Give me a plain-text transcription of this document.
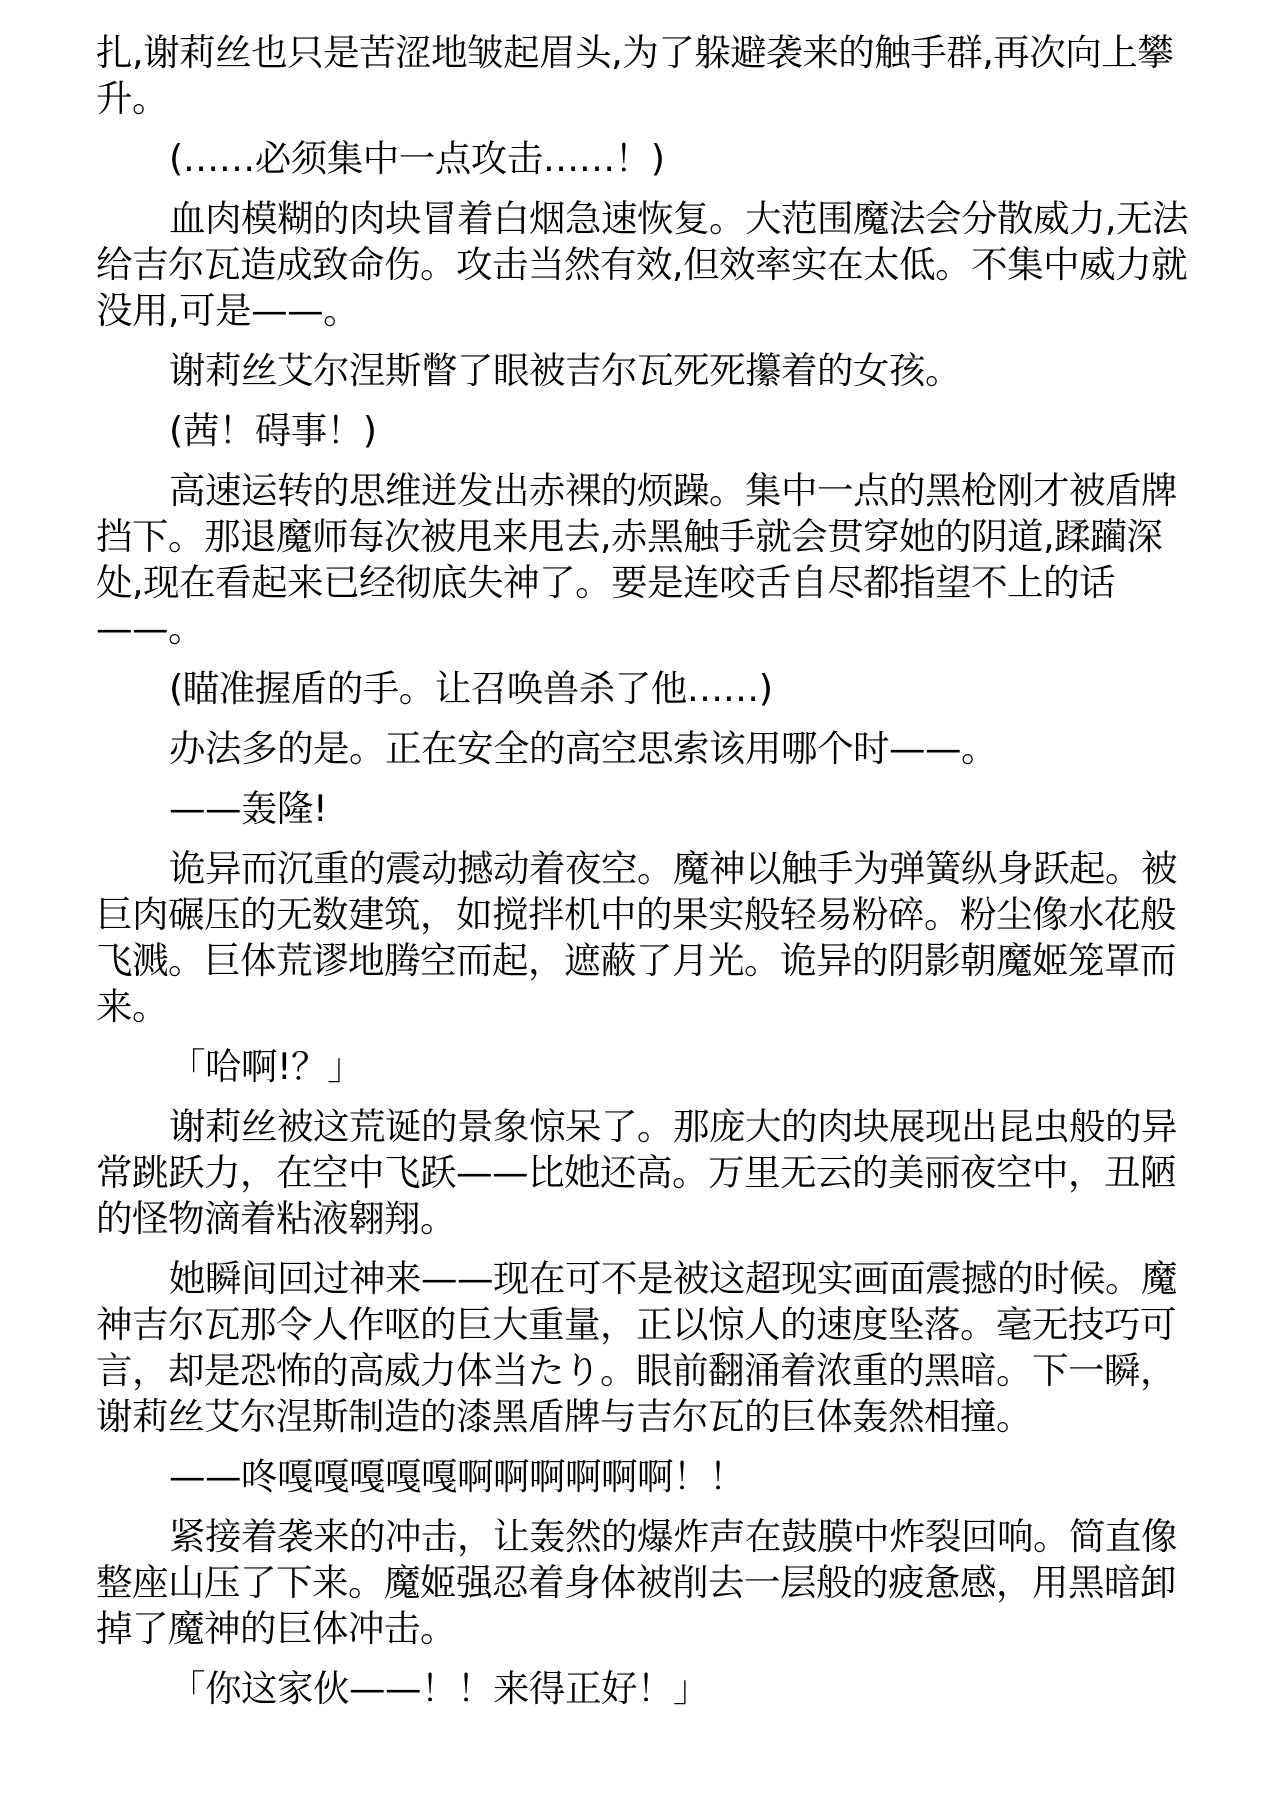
扎,谢莉丝也只是苦涩地皱起眉头,为了躲避袭来的触手群,再次向上攀升。

(……必须集中一点攻击……！)

血肉模糊的肉块冒着白烟急速恢复。大范围魔法会分散威力,无法给吉尔瓦造成致命伤。攻击当然有效,但效率实在太低。不集中威力就没用,可是——。

谢莉丝艾尔涅斯瞥了眼被吉尔瓦死死攥着的女孩。

(茜！碍事！)

高速运转的思维迸发出赤裸的烦躁。集中一点的黑枪刚才被盾牌挡下。那退魔师每次被甩来甩去,赤黑触手就会贯穿她的阴道,蹂躏深处,现在看起来已经彻底失神了。要是连咬舌自尽都指望不上的话——。

(瞄准握盾的手。让召唤兽杀了他……)

办法多的是。正在安全的高空思索该用哪个时——。

——轰隆!

诡异而沉重的震动撼动着夜空。魔神以触手为弹簧纵身跃起。被巨肉碾压的无数建筑，如搅拌机中的果实般轻易粉碎。粉尘像水花般飞溅。巨体荒谬地腾空而起，遮蔽了月光。诡异的阴影朝魔姬笼罩而来。

「哈啊!？」

谢莉丝被这荒诞的景象惊呆了。那庞大的肉块展现出昆虫般的异常跳跃力，在空中飞跃——比她还高。万里无云的美丽夜空中，丑陋的怪物滴着粘液翱翔。

她瞬间回过神来——现在可不是被这超现实画面震撼的时候。魔神吉尔瓦那令人作呕的巨大重量，正以惊人的速度坠落。毫无技巧可言，却是恐怖的高威力体当たり。眼前翻涌着浓重的黑暗。下一瞬，谢莉丝艾尔涅斯制造的漆黑盾牌与吉尔瓦的巨体轰然相撞。

——咚嘎嘎嘎嘎嘎啊啊啊啊啊啊！！

紧接着袭来的冲击，让轰然的爆炸声在鼓膜中炸裂回响。简直像整座山压了下来。魔姬强忍着身体被削去一层般的疲惫感，用黑暗卸掉了魔神的巨体冲击。

「你这家伙——！！来得正好！」
